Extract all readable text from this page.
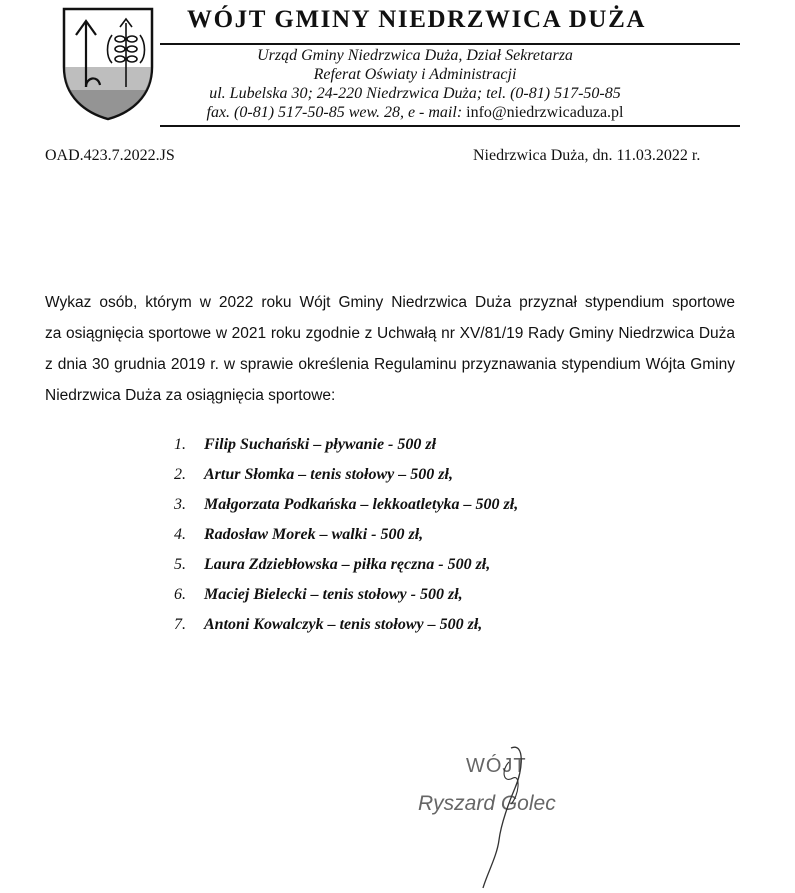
WÓJT GMINY NIEDRZWICA DUŻA
Urząd Gminy Niedrzwica Duża, Dział Sekretarza
Referat Oświaty i Administracji
ul. Lubelska 30; 24-220 Niedrzwica Duża; tel. (0-81) 517-50-85
fax. (0-81) 517-50-85 wew. 28, e - mail: info@niedrzwicaduza.pl
OAD.423.7.2022.JS	Niedrzwica Duża, dn. 11.03.2022 r.
Wykaz osób, którym w 2022 roku Wójt Gminy Niedrzwica Duża przyznał stypendium sportowe
za osiągnięcia sportowe w 2021 roku zgodnie z Uchwałą nr XV/81/19 Rady Gminy Niedrzwica Duża
z dnia 30 grudnia 2019 r. w sprawie określenia Regulaminu przyznawania stypendium Wójta Gminy
Niedrzwica Duża za osiągnięcia sportowe:
1. Filip Suchański – pływanie - 500 zł
2. Artur Słomka – tenis stołowy – 500 zł,
3. Małgorzata Podkańska – lekkoatletyka – 500 zł,
4. Radosław Morek – walki - 500 zł,
5. Laura Zdziebłowska – piłka ręczna - 500 zł,
6. Maciej Bielecki – tenis stołowy - 500 zł,
7. Antoni Kowalczyk – tenis stołowy – 500 zł,
WÓJT
Ryszard Golec
